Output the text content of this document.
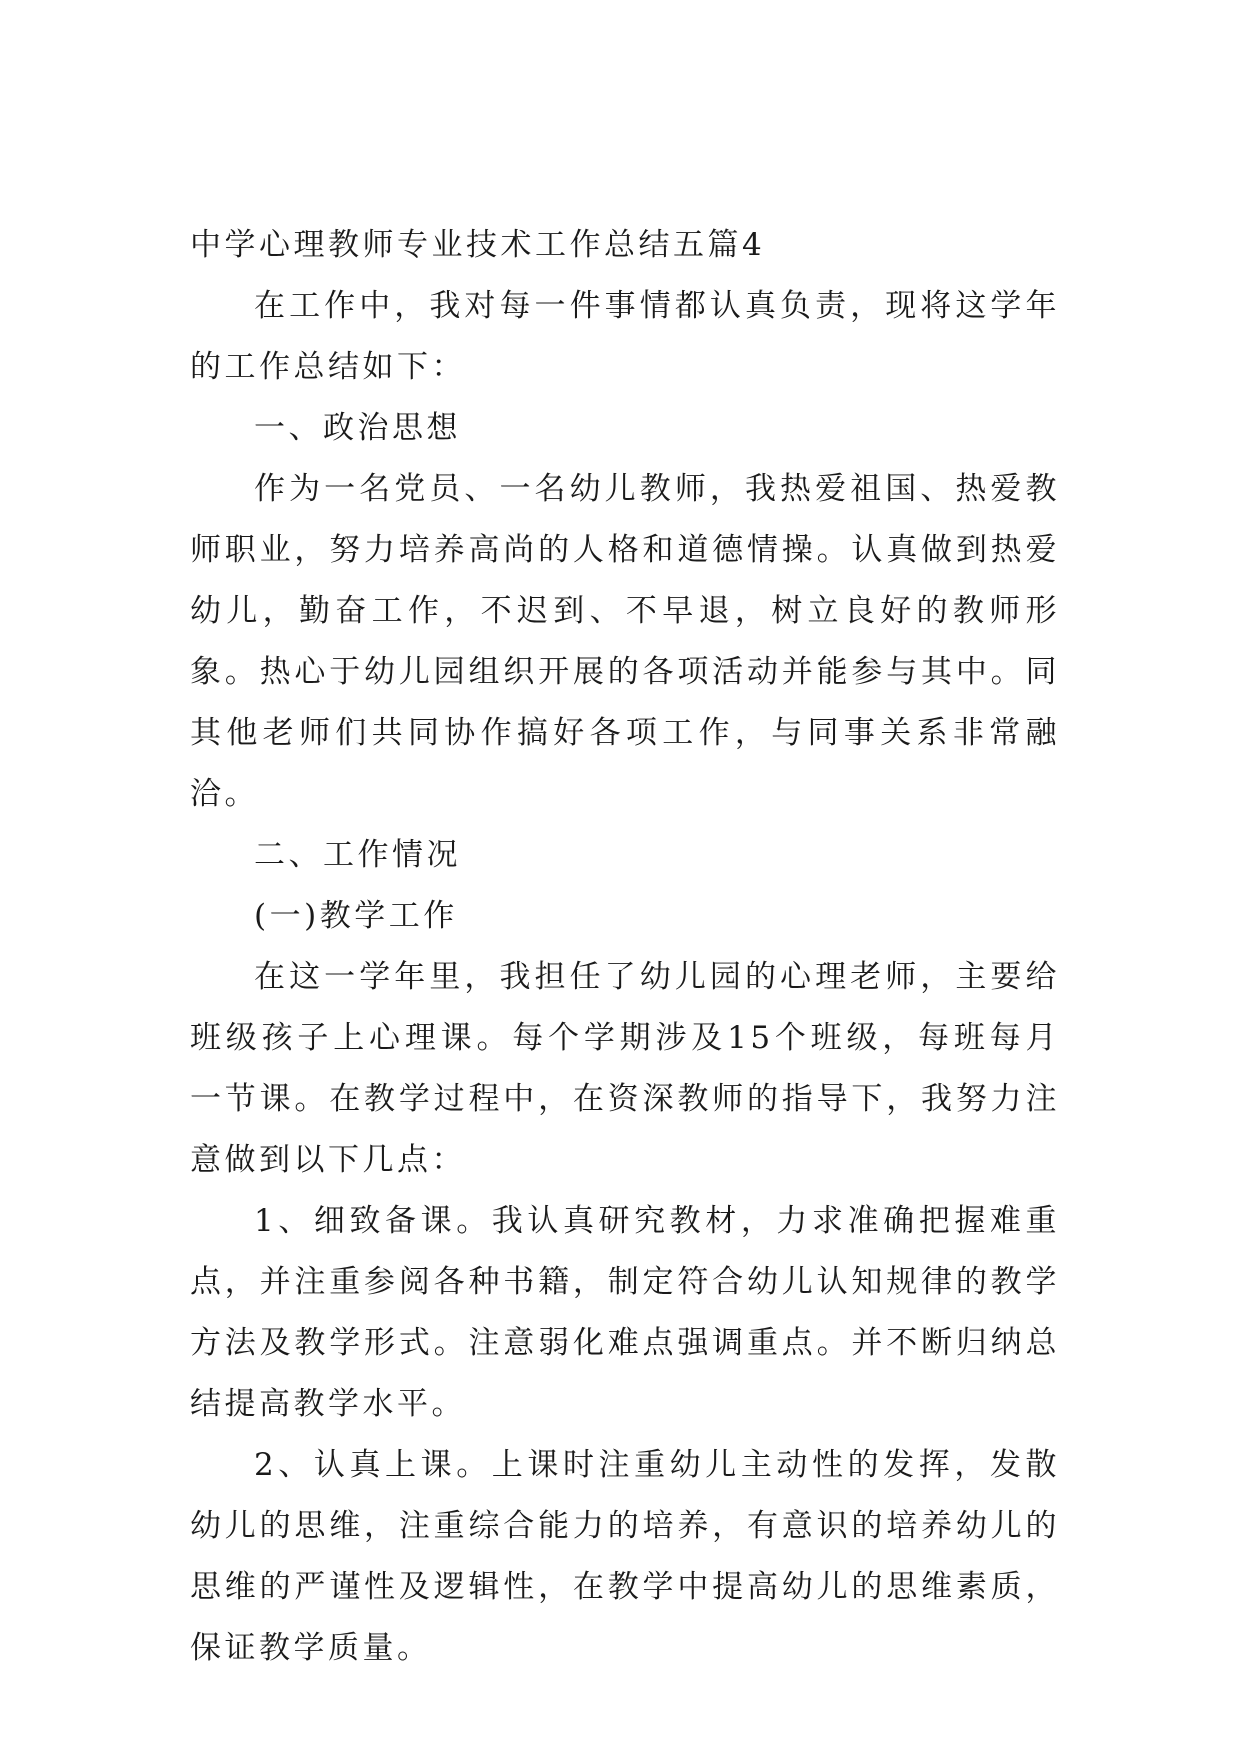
中学心理教师专业技术工作总结五篇4

在工作中，我对每一件事情都认真负责，现将这学年的工作总结如下：

一、政治思想

作为一名党员、一名幼儿教师，我热爱祖国、热爱教师职业，努力培养高尚的人格和道德情操。认真做到热爱幼儿，勤奋工作，不迟到、不早退，树立良好的教师形象。热心于幼儿园组织开展的各项活动并能参与其中。同其他老师们共同协作搞好各项工作，与同事关系非常融洽。

二、工作情况

(一)教学工作

在这一学年里，我担任了幼儿园的心理老师，主要给班级孩子上心理课。每个学期涉及15个班级，每班每月一节课。在教学过程中，在资深教师的指导下，我努力注意做到以下几点：

1、细致备课。我认真研究教材，力求准确把握难重点，并注重参阅各种书籍，制定符合幼儿认知规律的教学方法及教学形式。注意弱化难点强调重点。并不断归纳总结提高教学水平。

2、认真上课。上课时注重幼儿主动性的发挥，发散幼儿的思维，注重综合能力的培养，有意识的培养幼儿的思维的严谨性及逻辑性，在教学中提高幼儿的思维素质，保证教学质量。
